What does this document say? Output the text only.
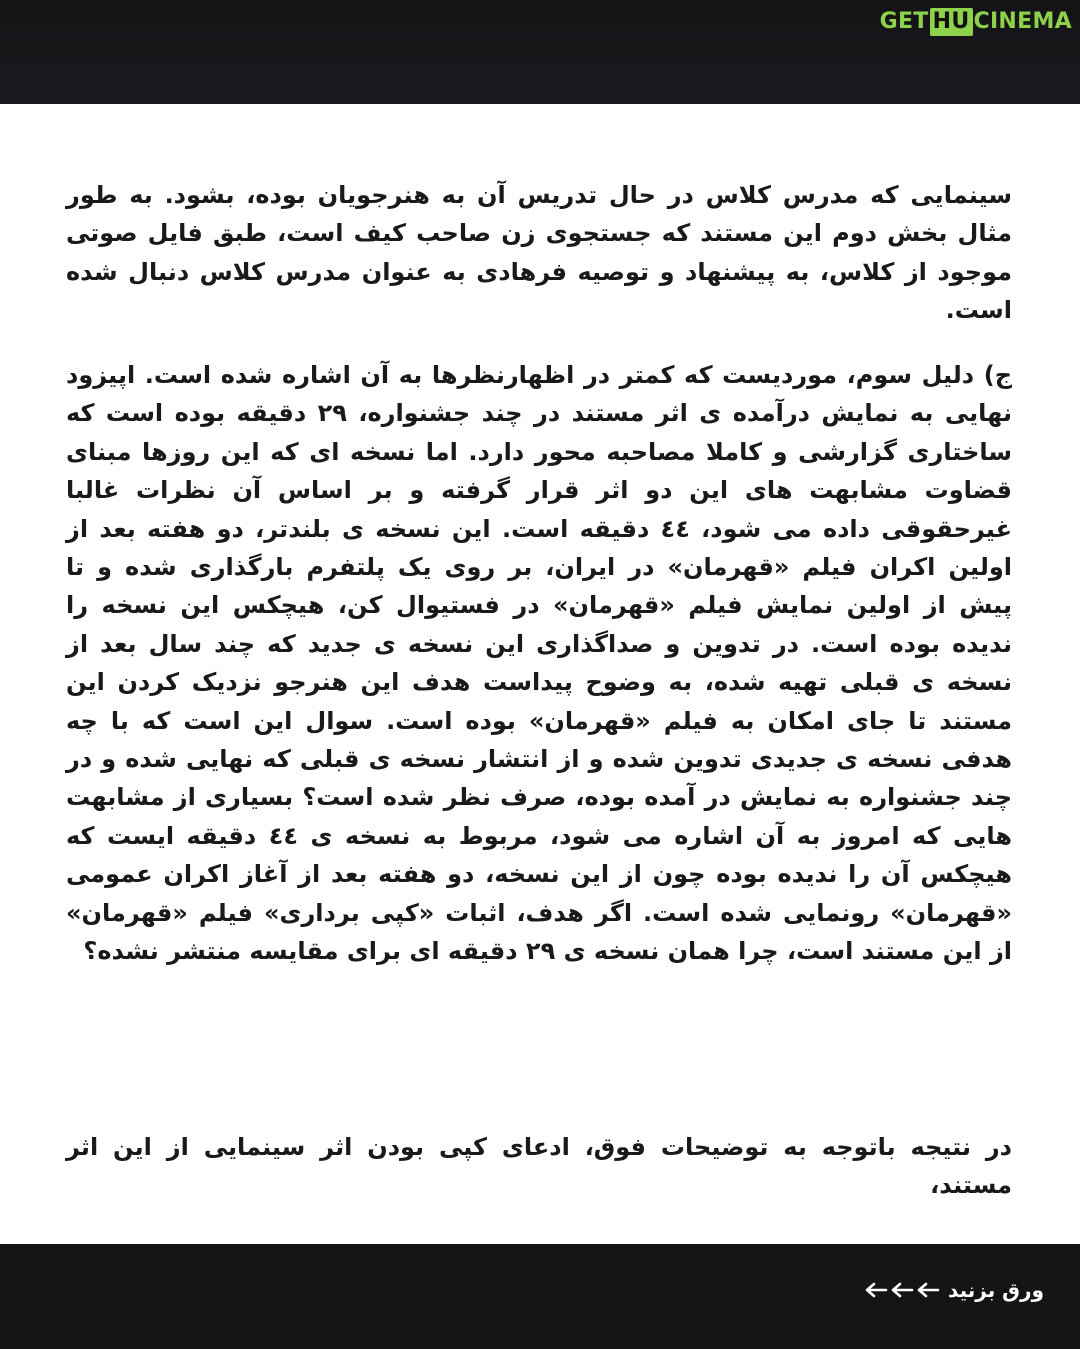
GET HU CINEMA

سینمایی که مدرس کلاس در حال تدریس آن به هنرجویان بوده، بشود. به طور مثال بخش دوم این مستند که جستجوی زن صاحب کیف است، طبق فایل صوتی موجود از کلاس، به پیشنهاد و توصیه فرهادی به عنوان مدرس کلاس دنبال شده است.

ج) دلیل سوم، موردیست که کمتر در اظهارنظرها به آن اشاره شده است. اپیزود نهایی به نمایش درآمده ی اثر مستند در چند جشنواره، ۲۹ دقیقه بوده است که ساختاری گزارشی و کاملا مصاحبه محور دارد. اما نسخه ای که این روزها مبنای قضاوت مشابهت های این دو اثر قرار گرفته و بر اساس آن نظرات غالبا غیرحقوقی داده می شود، ٤٤ دقیقه است. این نسخه ی بلندتر، دو هفته بعد از اولین اکران فیلم «قهرمان» در ایران، بر روی یک پلتفرم بارگذاری شده و تا پیش از اولین نمایش فیلم «قهرمان» در فستیوال کن، هیچکس این نسخه را ندیده بوده است. در تدوین و صداگذاری این نسخه ی جدید که چند سال بعد از نسخه ی قبلی تهیه شده، به وضوح پیداست هدف این هنرجو نزدیک کردن این مستند تا جای امکان به فیلم «قهرمان» بوده است. سوال این است که با چه هدفی نسخه ی جدیدی تدوین شده و از انتشار نسخه ی قبلی که نهایی شده و در چند جشنواره به نمایش در آمده بوده، صرف نظر شده است؟ بسیاری از مشابهت هایی که امروز به آن اشاره می شود، مربوط به نسخه ی ٤٤ دقیقه ایست که هیچکس آن را ندیده بوده چون از این نسخه، دو هفته بعد از آغاز اکران عمومی «قهرمان» رونمایی شده است. اگر هدف، اثبات «کپی برداری» فیلم «قهرمان» از این مستند است، چرا همان نسخه ی ۲۹ دقیقه ای برای مقایسه منتشر نشده؟

در نتیجه باتوجه به توضیحات فوق، ادعای کپی بودن اثر سینمایی از این اثر مستند،

ورق بزنید
